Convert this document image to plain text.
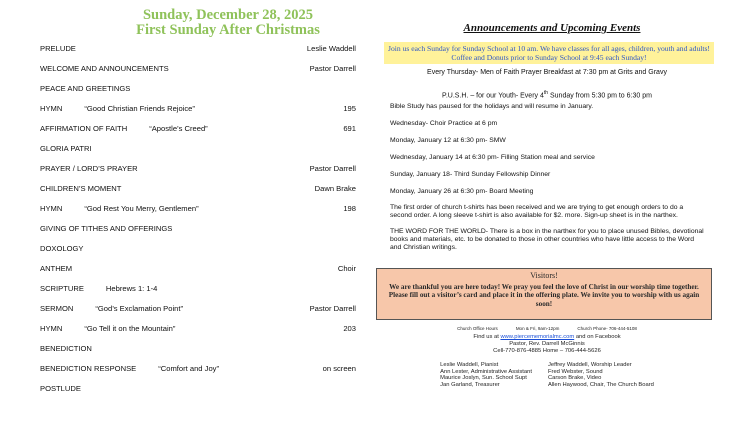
Sunday, December 28, 2025
First Sunday After Christmas
PRELUDE	Leslie Waddell
WELCOME AND ANNOUNCEMENTS	Pastor Darrell
PEACE AND GREETINGS
HYMN	“Good Christian Friends Rejoice”	195
AFFIRMATION OF FAITH	“Apostle’s Creed”	691
GLORIA PATRI
PRAYER / LORD’S PRAYER	Pastor Darrell
CHILDREN’S MOMENT	Dawn Brake
HYMN	“God Rest You Merry, Gentlemen”	198
GIVING OF TITHES AND OFFERINGS
DOXOLOGY
ANTHEM	Choir
SCRIPTURE	Hebrews 1: 1-4
SERMON	“God’s Exclamation Point”	Pastor Darrell
HYMN	“Go Tell it on the Mountain”	203
BENEDICTION
BENEDICTION RESPONSE	“Comfort and Joy”	on screen
POSTLUDE
Announcements and Upcoming Events
Join us each Sunday for Sunday School at 10 am. We have classes for all ages, children, youth and adults! Coffee and Donuts prior to Sunday School at 9:45 each Sunday!
Every Thursday- Men of Faith Prayer Breakfast at 7:30 pm at Grits and Gravy
P.U.S.H. – for our Youth- Every 4th Sunday from 5:30 pm to 6:30 pm
Bible Study has paused for the holidays and will resume in January.
Wednesday- Choir Practice at 6 pm
Monday, January 12 at 6:30 pm- SMW
Wednesday, January 14 at 6:30 pm- Filling Station meal and service
Sunday, January 18- Third Sunday Fellowship Dinner
Monday, January 26 at 6:30 pm- Board Meeting
The first order of church t-shirts has been received and we are trying to get enough orders to do a second order. A long sleeve t-shirt is also available for $2. more. Sign-up sheet is in the narthex.
THE WORD FOR THE WORLD- There is a box in the narthex for you to place unused Bibles, devotional books and materials, etc. to be donated to those in other countries who have little access to the Word and Christian writings.
Visitors!
We are thankful you are here today! We pray you feel the love of Christ in our worship time together. Please fill out a visitor’s card and place it in the offering plate. We invite you to worship with us again soon!
Church Office Hours	Mon & Fri, 9am-12pm	Church Phone- 706-444-5108
Find us at www.piercememorialmc.com and on Facebook
Pastor, Rev. Darrell McGinnis
Cell-770-876-4885 Home – 706-444-5626
Leslie Waddell, Pianist
Ann Lester, Administrative Assistant
Maurice Joslyn, Sun. School Supt
Jan Garland, Treasurer
Jeffrey Waddell, Worship Leader
Fred Webster, Sound
Carson Brake, Video
Allen Haywood, Chair, The Church Board
